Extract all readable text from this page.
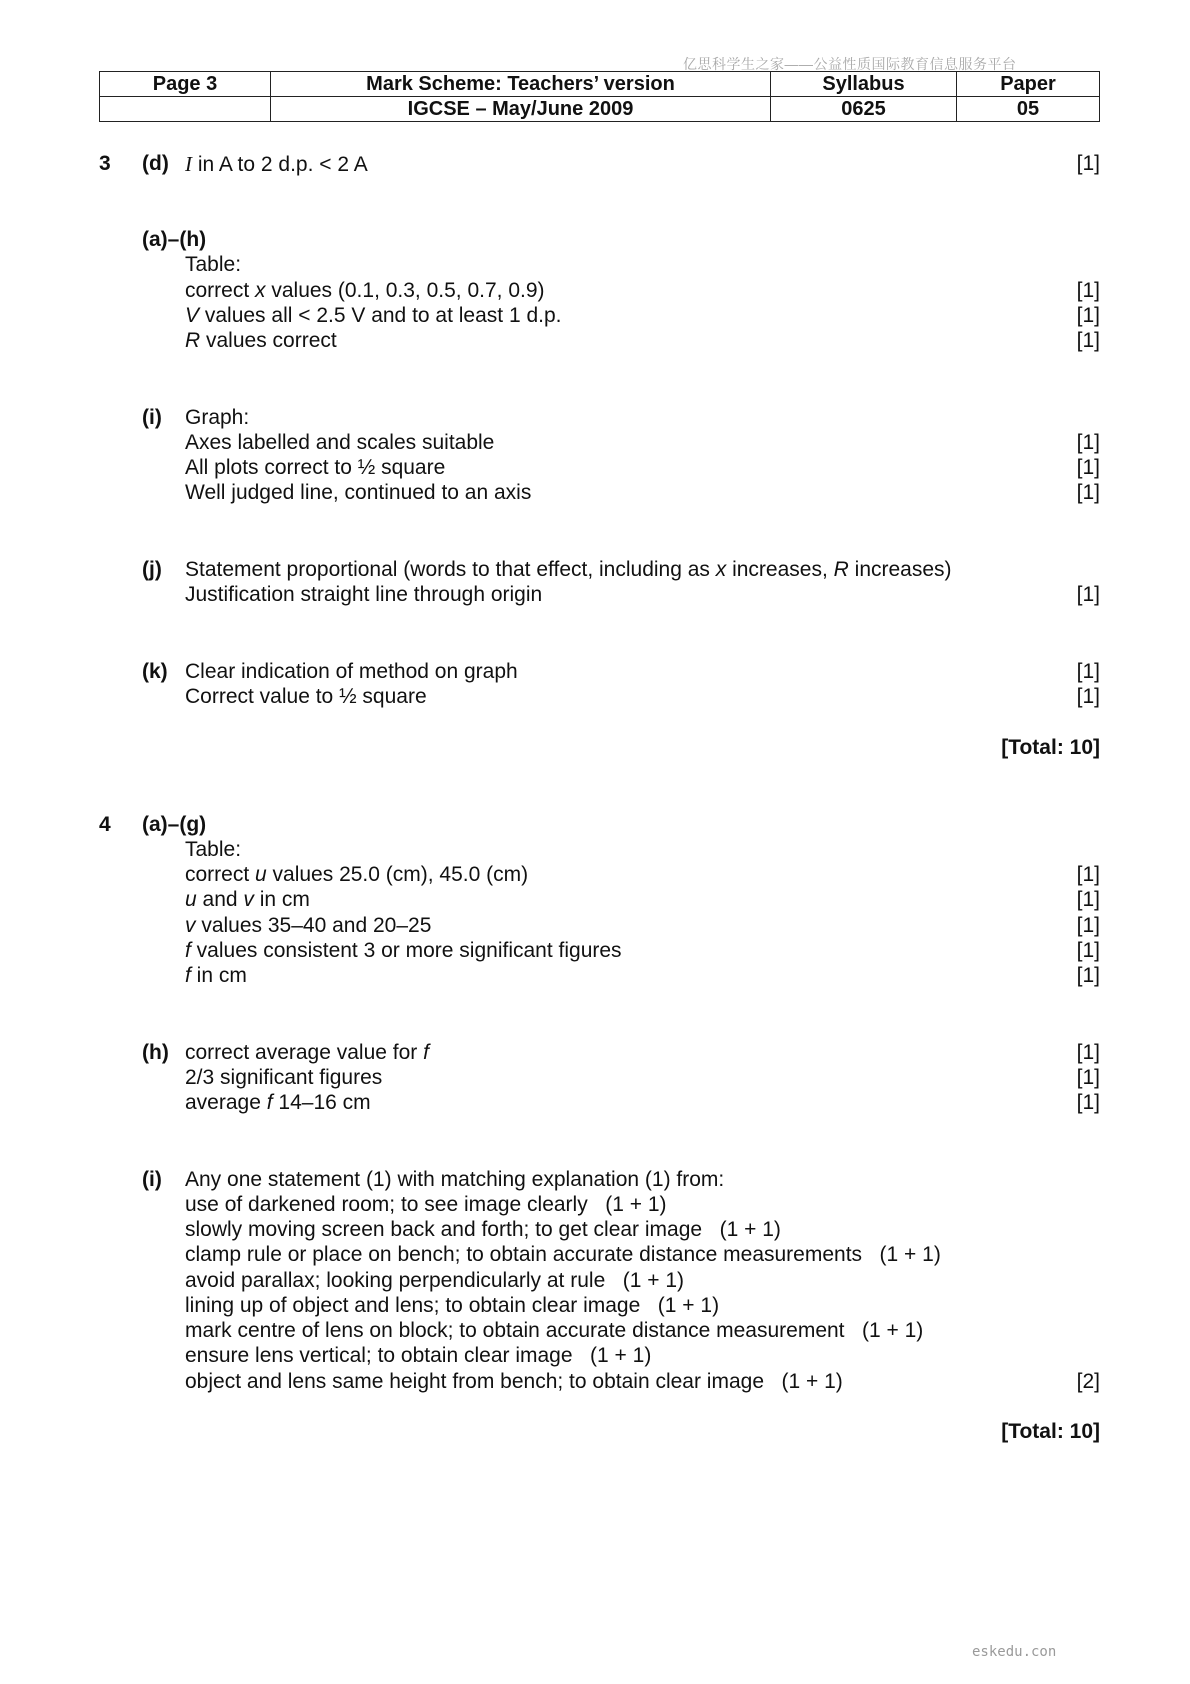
亿思科学生之家——公益性质国际教育信息服务平台
eskedu.con
Page 3	Mark Scheme: Teachers’ version	Syllabus	Paper
	IGCSE – May/June 2009	0625	05
3 (d) I in A to 2 d.p. < 2 A	[1]
(a)–(h)
Table:
correct x values (0.1, 0.3, 0.5, 0.7, 0.9)	[1]
V values all < 2.5 V and to at least 1 d.p.	[1]
R values correct	[1]
(i) Graph:
Axes labelled and scales suitable	[1]
All plots correct to ½ square	[1]
Well judged line, continued to an axis	[1]
(j) Statement proportional (words to that effect, including as x increases, R increases)
Justification straight line through origin	[1]
(k) Clear indication of method on graph	[1]
Correct value to ½ square	[1]
[Total: 10]
4 (a)–(g)
Table:
correct u values 25.0 (cm), 45.0 (cm)	[1]
u and v in cm	[1]
v values 35–40 and 20–25	[1]
f values consistent 3 or more significant figures	[1]
f in cm	[1]
(h) correct average value for f	[1]
2/3 significant figures	[1]
average f 14–16 cm	[1]
(i) Any one statement (1) with matching explanation (1) from:
use of darkened room; to see image clearly   (1 + 1)
slowly moving screen back and forth; to get clear image   (1 + 1)
clamp rule or place on bench; to obtain accurate distance measurements   (1 + 1)
avoid parallax; looking perpendicularly at rule   (1 + 1)
lining up of object and lens; to obtain clear image   (1 + 1)
mark centre of lens on block; to obtain accurate distance measurement   (1 + 1)
ensure lens vertical; to obtain clear image   (1 + 1)
object and lens same height from bench; to obtain clear image   (1 + 1)	[2]
[Total: 10]
